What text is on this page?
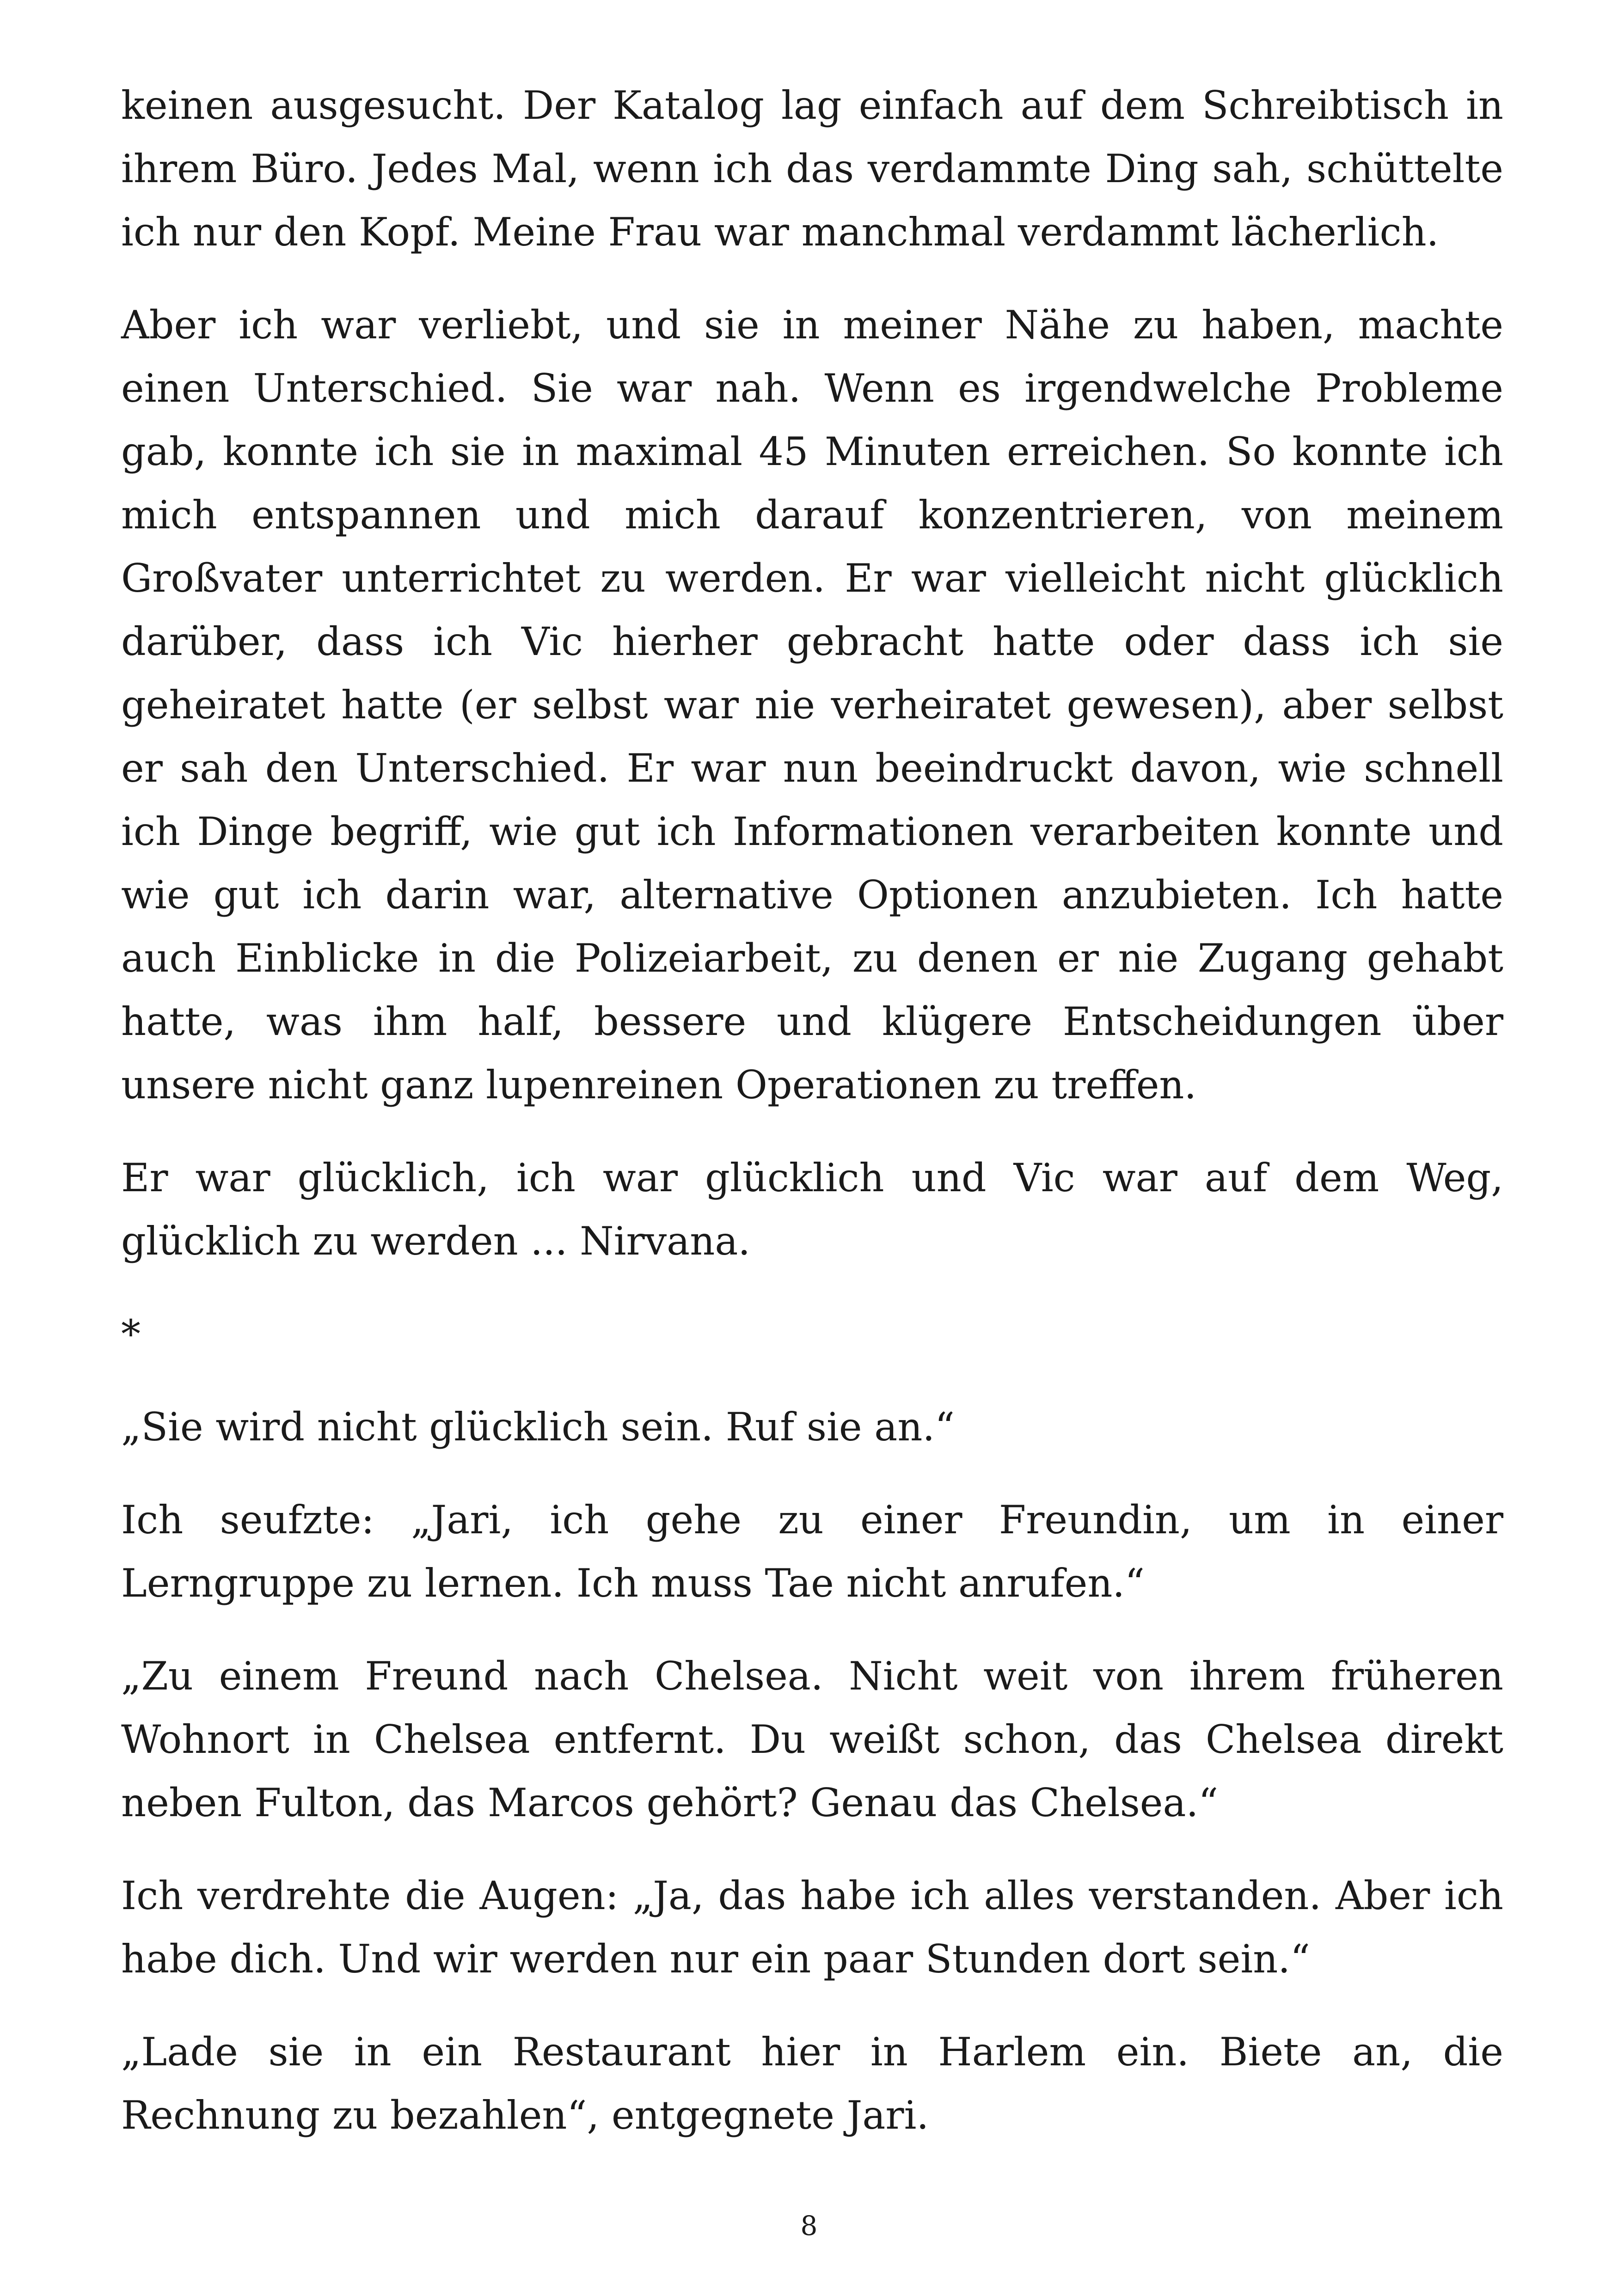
keinen ausgesucht. Der Katalog lag einfach auf dem Schreibtisch in ihrem Büro. Jedes Mal, wenn ich das verdammte Ding sah, schüttelte ich nur den Kopf. Meine Frau war manchmal verdammt lächerlich.

Aber ich war verliebt, und sie in meiner Nähe zu haben, machte einen Unterschied. Sie war nah. Wenn es irgendwelche Probleme gab, konnte ich sie in maximal 45 Minuten erreichen. So konnte ich mich entspannen und mich darauf konzentrieren, von meinem Großvater unterrichtet zu werden. Er war vielleicht nicht glücklich darüber, dass ich Vic hierher gebracht hatte oder dass ich sie geheiratet hatte (er selbst war nie verheiratet gewesen), aber selbst er sah den Unterschied. Er war nun beeindruckt davon, wie schnell ich Dinge begriff, wie gut ich Informationen verarbeiten konnte und wie gut ich darin war, alternative Optionen anzubieten. Ich hatte auch Einblicke in die Polizeiarbeit, zu denen er nie Zugang gehabt hatte, was ihm half, bessere und klügere Entscheidungen über unsere nicht ganz lupenreinen Operationen zu treffen.

Er war glücklich, ich war glücklich und Vic war auf dem Weg, glücklich zu werden ... Nirvana.

*

„Sie wird nicht glücklich sein. Ruf sie an.“

Ich seufzte: „Jari, ich gehe zu einer Freundin, um in einer Lerngruppe zu lernen. Ich muss Tae nicht anrufen.“

„Zu einem Freund nach Chelsea. Nicht weit von ihrem früheren Wohnort in Chelsea entfernt. Du weißt schon, das Chelsea direkt neben Fulton, das Marcos gehört? Genau das Chelsea.“

Ich verdrehte die Augen: „Ja, das habe ich alles verstanden. Aber ich habe dich. Und wir werden nur ein paar Stunden dort sein.“

„Lade sie in ein Restaurant hier in Harlem ein. Biete an, die Rechnung zu bezahlen“, entgegnete Jari.

8
